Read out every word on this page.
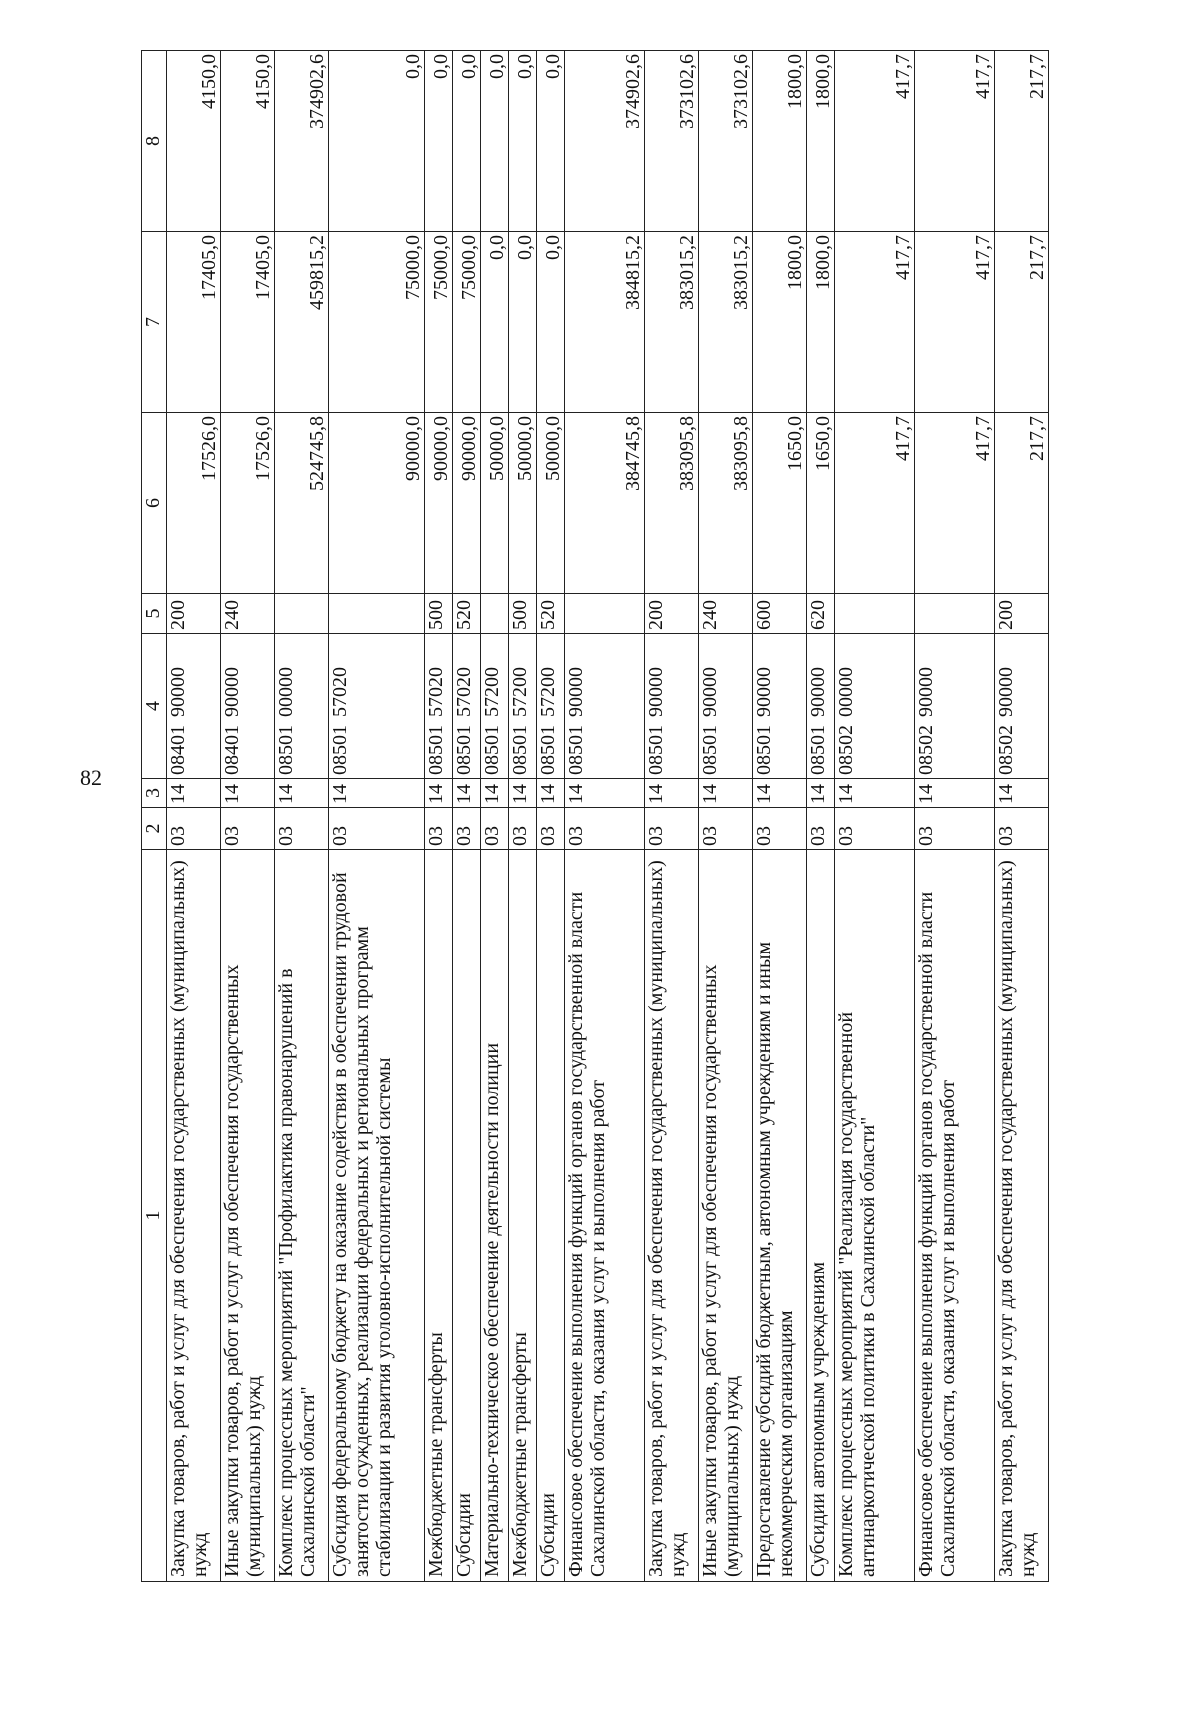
82
1	2	3	4	5	6	7	8
Закупка товаров, работ и услуг для обеспечения государственных (муниципальных) нужд	03	14	0840190000	200	17526,0	17405,0	4150,0
Иные закупки товаров, работ и услуг для обеспечения государственных (муниципальных) нужд	03	14	0840190000	240	17526,0	17405,0	4150,0
Комплекс процессных мероприятий "Профилактика правонарушений в Сахалинской области"	03	14	0850100000		524745,8	459815,2	374902,6
Субсидия федеральному бюджету на оказание содействия в обеспечении трудовой занятости осужденных, реализации федеральных и региональных программ стабилизации и развития уголовно-исполнительной системы	03	14	0850157020		90000,0	75000,0	0,0
Межбюджетные трансферты	03	14	0850157020	500	90000,0	75000,0	0,0
Субсидии	03	14	0850157020	520	90000,0	75000,0	0,0
Материально-техническое обеспечение деятельности полиции	03	14	0850157200		50000,0	0,0	0,0
Межбюджетные трансферты	03	14	0850157200	500	50000,0	0,0	0,0
Субсидии	03	14	0850157200	520	50000,0	0,0	0,0
Финансовое обеспечение выполнения функций органов государственной власти Сахалинской области, оказания услуг и выполнения работ	03	14	0850190000		384745,8	384815,2	374902,6
Закупка товаров, работ и услуг для обеспечения государственных (муниципальных) нужд	03	14	0850190000	200	383095,8	383015,2	373102,6
Иные закупки товаров, работ и услуг для обеспечения государственных (муниципальных) нужд	03	14	0850190000	240	383095,8	383015,2	373102,6
Предоставление субсидий бюджетным, автономным учреждениям и иным некоммерческим организациям	03	14	0850190000	600	1650,0	1800,0	1800,0
Субсидии автономным учреждениям	03	14	0850190000	620	1650,0	1800,0	1800,0
Комплекс процессных мероприятий "Реализация государственной антинаркотической политики в Сахалинской области"	03	14	0850200000		417,7	417,7	417,7
Финансовое обеспечение выполнения функций органов государственной власти Сахалинской области, оказания услуг и выполнения работ	03	14	0850290000		417,7	417,7	417,7
Закупка товаров, работ и услуг для обеспечения государственных (муниципальных) нужд	03	14	0850290000	200	217,7	217,7	217,7
